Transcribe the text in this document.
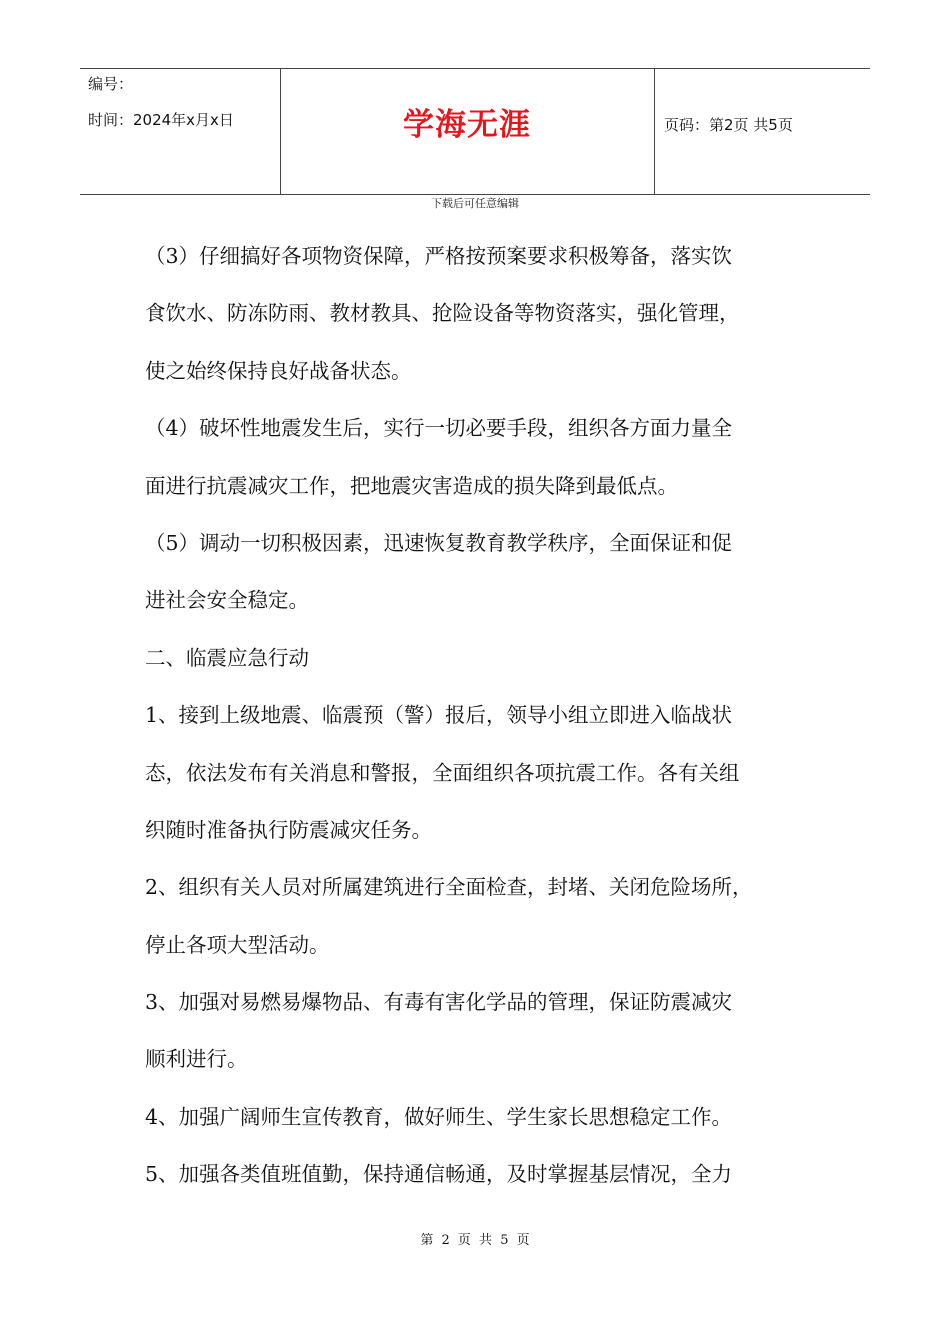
编号：
时间：2024年x月x日	学海无涯	页码：第2页 共5页
下载后可任意编辑
（3）仔细搞好各项物资保障，严格按预案要求积极筹备，落实饮
食饮水、防冻防雨、教材教具、抢险设备等物资落实，强化管理，
使之始终保持良好战备状态。
（4）破坏性地震发生后，实行一切必要手段，组织各方面力量全
面进行抗震减灾工作，把地震灾害造成的损失降到最低点。
（5）调动一切积极因素，迅速恢复教育教学秩序，全面保证和促
进社会安全稳定。
二、临震应急行动
1、接到上级地震、临震预（警）报后，领导小组立即进入临战状
态，依法发布有关消息和警报，全面组织各项抗震工作。各有关组
织随时准备执行防震减灾任务。
2、组织有关人员对所属建筑进行全面检查，封堵、关闭危险场所，
停止各项大型活动。
3、加强对易燃易爆物品、有毒有害化学品的管理，保证防震减灾
顺利进行。
4、加强广阔师生宣传教育，做好师生、学生家长思想稳定工作。
5、加强各类值班值勤，保持通信畅通，及时掌握基层情况，全力
第 2 页 共 5 页
